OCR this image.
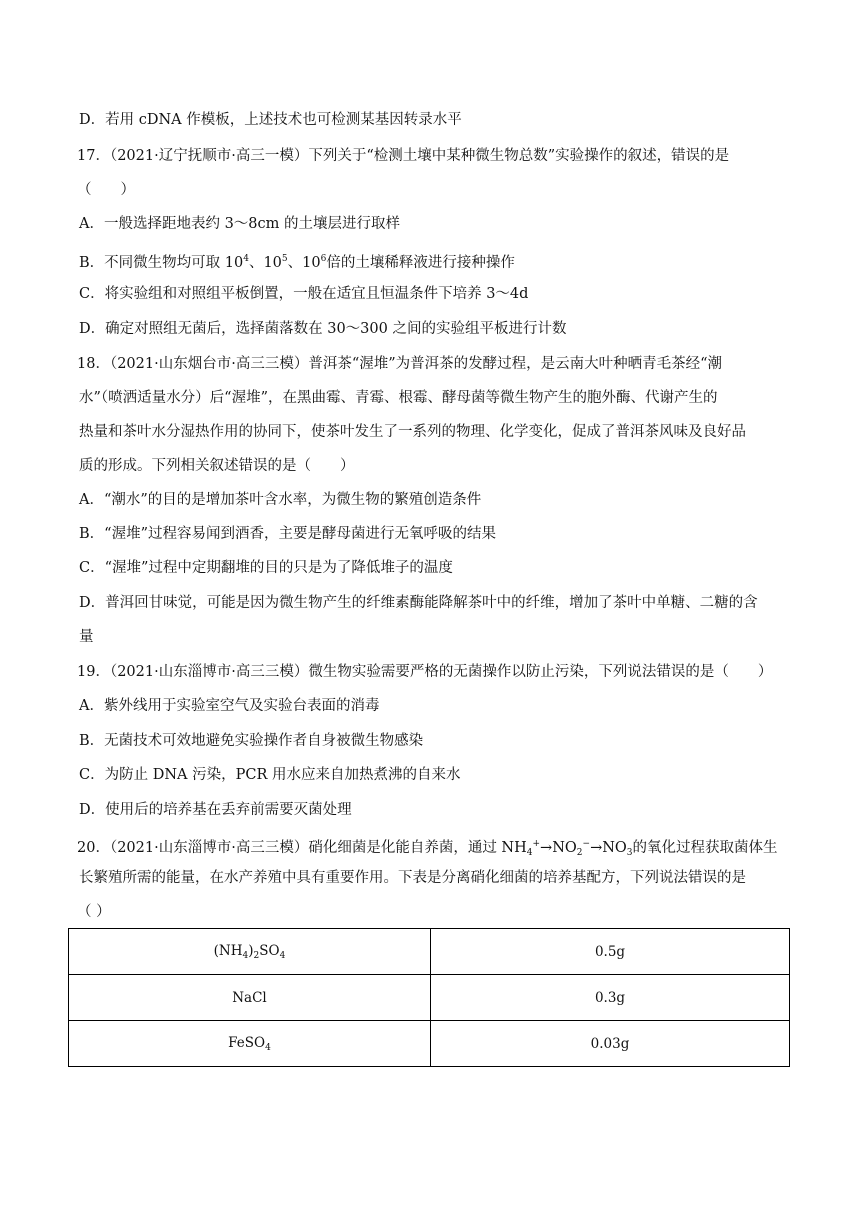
D．若用 cDNA 作模板，上述技术也可检测某基因转录水平
17．（2021·辽宁抚顺市·高三一模）下列关于“检测土壤中某种微生物总数”实验操作的叙述，错误的是
（　　）
A．一般选择距地表约 3～8cm 的土壤层进行取样
B．不同微生物均可取 $10^4$、$10^5$、$10^6$倍的土壤稀释液进行接种操作
C．将实验组和对照组平板倒置，一般在适宜且恒温条件下培养 3～4d
D．确定对照组无菌后，选择菌落数在 30～300 之间的实验组平板进行计数
18．（2021·山东烟台市·高三三模）普洱茶“渥堆”为普洱茶的发酵过程，是云南大叶种晒青毛茶经“潮
水”（喷洒适量水分）后“渥堆”，在黑曲霉、青霉、根霉、酵母菌等微生物产生的胞外酶、代谢产生的
热量和茶叶水分湿热作用的协同下，使茶叶发生了一系列的物理、化学变化，促成了普洱茶风味及良好品
质的形成。下列相关叙述错误的是（　　）
A．“潮水”的目的是增加茶叶含水率，为微生物的繁殖创造条件
B．“渥堆”过程容易闻到酒香，主要是酵母菌进行无氧呼吸的结果
C．“渥堆”过程中定期翻堆的目的只是为了降低堆子的温度
D．普洱回甘味觉，可能是因为微生物产生的纤维素酶能降解茶叶中的纤维，增加了茶叶中单糖、二糖的含
量
19．（2021·山东淄博市·高三三模）微生物实验需要严格的无菌操作以防止污染，下列说法错误的是（　　）
A．紫外线用于实验室空气及实验台表面的消毒
B．无菌技术可效地避免实验操作者自身被微生物感染
C．为防止 DNA 污染，PCR 用水应来自加热煮沸的自来水
D．使用后的培养基在丢弃前需要灭菌处理
20．（2021·山东淄博市·高三三模）硝化细菌是化能自养菌，通过 $NH_4^+\to NO_2^-\to NO_3$的氧化过程获取菌体生
长繁殖所需的能量，在水产养殖中具有重要作用。下表是分离硝化细菌的培养基配方，下列说法错误的是
（ ）
$(NH_4)_2SO_4$	0.5g
NaCl	0.3g
FeSO$_4$	0.03g
